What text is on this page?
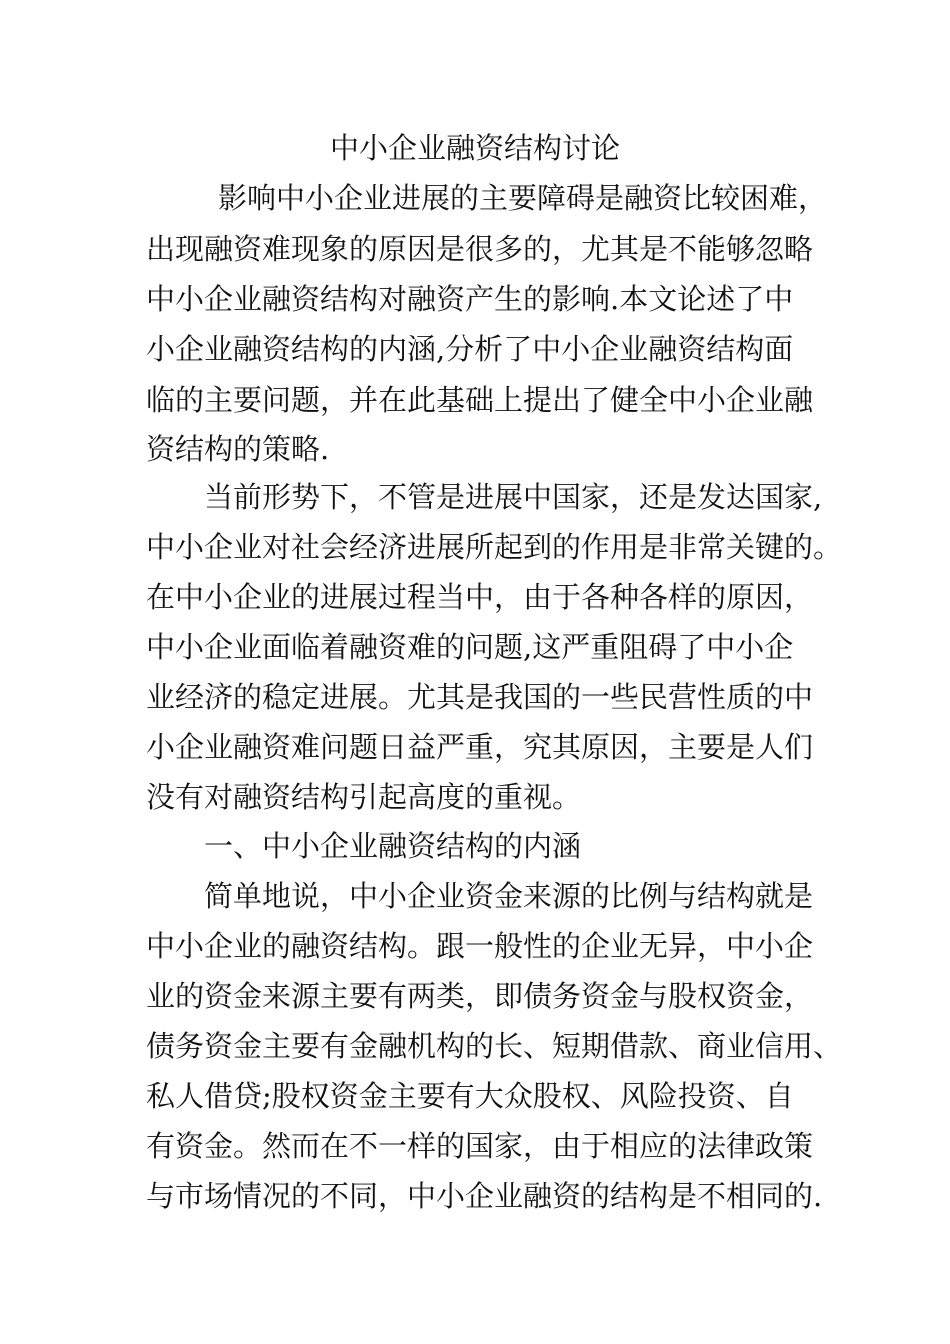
中小企业融资结构讨论
影响中小企业进展的主要障碍是融资比较困难，
出现融资难现象的原因是很多的，尤其是不能够忽略
中小企业融资结构对融资产生的影响.本文论述了中
小企业融资结构的内涵,分析了中小企业融资结构面
临的主要问题，并在此基础上提出了健全中小企业融
资结构的策略.
当前形势下，不管是进展中国家，还是发达国家,
中小企业对社会经济进展所起到的作用是非常关键的。
在中小企业的进展过程当中，由于各种各样的原因，
中小企业面临着融资难的问题,这严重阻碍了中小企
业经济的稳定进展。尤其是我国的一些民营性质的中
小企业融资难问题日益严重，究其原因，主要是人们
没有对融资结构引起高度的重视。
一、中小企业融资结构的内涵
简单地说，中小企业资金来源的比例与结构就是
中小企业的融资结构。跟一般性的企业无异，中小企
业的资金来源主要有两类，即债务资金与股权资金，
债务资金主要有金融机构的长、短期借款、商业信用、
私人借贷;股权资金主要有大众股权、风险投资、自
有资金。然而在不一样的国家，由于相应的法律政策
与市场情况的不同，中小企业融资的结构是不相同的.
